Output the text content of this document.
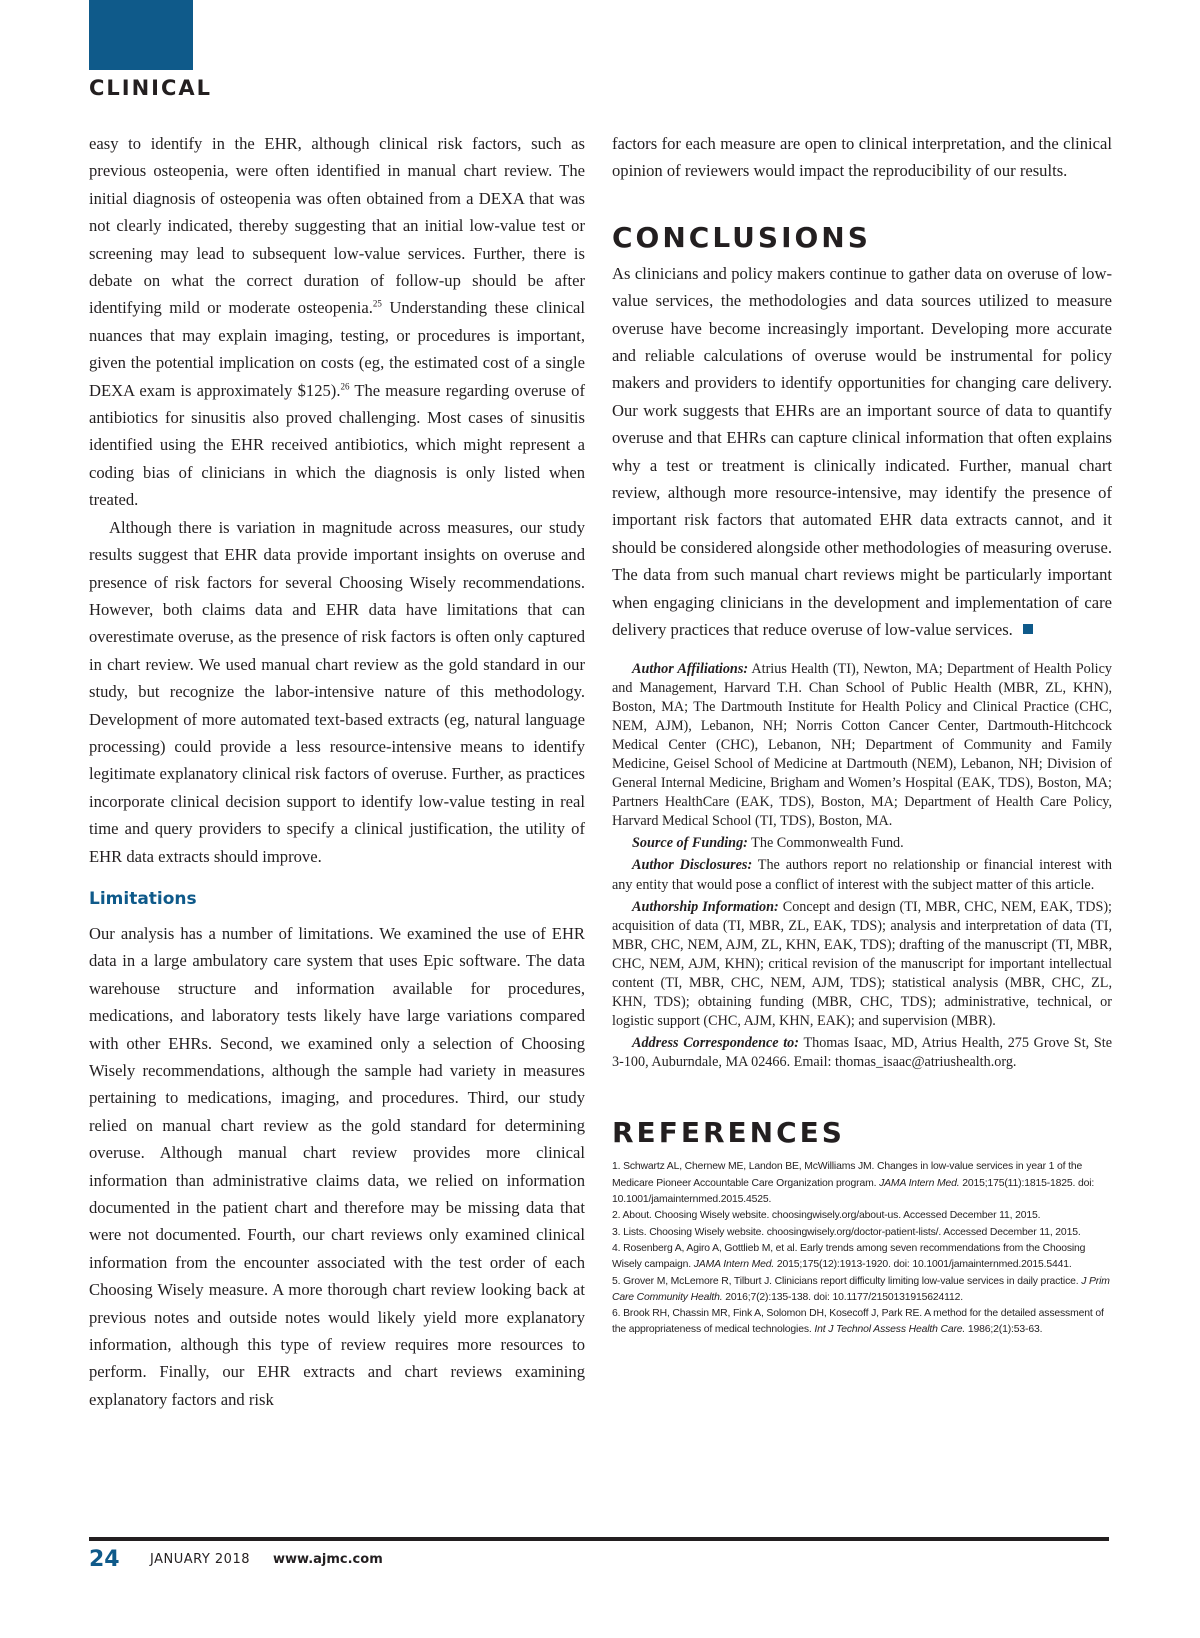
CLINICAL

easy to identify in the EHR, although clinical risk factors, such as previous osteopenia, were often identified in manual chart review. The initial diagnosis of osteopenia was often obtained from a DEXA that was not clearly indicated, thereby suggesting that an initial low-value test or screening may lead to subsequent low-value services. Further, there is debate on what the correct duration of follow-up should be after identifying mild or moderate osteopenia.$^{25}$ Understanding these clinical nuances that may explain imaging, testing, or procedures is important, given the potential implication on costs (eg, the estimated cost of a single DEXA exam is approximately $125).$^{26}$ The measure regarding overuse of antibiotics for sinusitis also proved challenging. Most cases of sinusitis identified using the EHR received antibiotics, which might represent a coding bias of clinicians in which the diagnosis is only listed when treated.

Although there is variation in magnitude across measures, our study results suggest that EHR data provide important insights on overuse and presence of risk factors for several Choosing Wisely recommendations. However, both claims data and EHR data have limitations that can overestimate overuse, as the presence of risk factors is often only captured in chart review. We used manual chart review as the gold standard in our study, but recognize the labor-intensive nature of this methodology. Development of more automated text-based extracts (eg, natural language processing) could provide a less resource-intensive means to identify legitimate explanatory clinical risk factors of overuse. Further, as practices incorporate clinical decision support to identify low-value testing in real time and query providers to specify a clinical justification, the utility of EHR data extracts should improve.

Limitations

Our analysis has a number of limitations. We examined the use of EHR data in a large ambulatory care system that uses Epic software. The data warehouse structure and information available for procedures, medications, and laboratory tests likely have large variations compared with other EHRs. Second, we examined only a selection of Choosing Wisely recommendations, although the sample had variety in measures pertaining to medications, imaging, and procedures. Third, our study relied on manual chart review as the gold standard for determining overuse. Although manual chart review provides more clinical information than administrative claims data, we relied on information documented in the patient chart and therefore may be missing data that were not documented. Fourth, our chart reviews only examined clinical information from the encounter associated with the test order of each Choosing Wisely measure. A more thorough chart review looking back at previous notes and outside notes would likely yield more explanatory information, although this type of review requires more resources to perform. Finally, our EHR extracts and chart reviews examining explanatory factors and risk

factors for each measure are open to clinical interpretation, and the clinical opinion of reviewers would impact the reproducibility of our results.

CONCLUSIONS

As clinicians and policy makers continue to gather data on overuse of low-value services, the methodologies and data sources utilized to measure overuse have become increasingly important. Developing more accurate and reliable calculations of overuse would be instrumental for policy makers and providers to identify opportunities for changing care delivery. Our work suggests that EHRs are an important source of data to quantify overuse and that EHRs can capture clinical information that often explains why a test or treatment is clinically indicated. Further, manual chart review, although more resource-intensive, may identify the presence of important risk factors that automated EHR data extracts cannot, and it should be considered alongside other methodologies of measuring overuse. The data from such manual chart reviews might be particularly important when engaging clinicians in the development and implementation of care delivery practices that reduce overuse of low-value services.

Author Affiliations: Atrius Health (TI), Newton, MA; Department of Health Policy and Management, Harvard T.H. Chan School of Public Health (MBR, ZL, KHN), Boston, MA; The Dartmouth Institute for Health Policy and Clinical Practice (CHC, NEM, AJM), Lebanon, NH; Norris Cotton Cancer Center, Dartmouth-Hitchcock Medical Center (CHC), Lebanon, NH; Department of Community and Family Medicine, Geisel School of Medicine at Dartmouth (NEM), Lebanon, NH; Division of General Internal Medicine, Brigham and Women’s Hospital (EAK, TDS), Boston, MA; Partners HealthCare (EAK, TDS), Boston, MA; Department of Health Care Policy, Harvard Medical School (TI, TDS), Boston, MA.

Source of Funding: The Commonwealth Fund.

Author Disclosures: The authors report no relationship or financial interest with any entity that would pose a conflict of interest with the subject matter of this article.

Authorship Information: Concept and design (TI, MBR, CHC, NEM, EAK, TDS); acquisition of data (TI, MBR, ZL, EAK, TDS); analysis and interpretation of data (TI, MBR, CHC, NEM, AJM, ZL, KHN, EAK, TDS); drafting of the manuscript (TI, MBR, CHC, NEM, AJM, KHN); critical revision of the manuscript for important intellectual content (TI, MBR, CHC, NEM, AJM, TDS); statistical analysis (MBR, CHC, ZL, KHN, TDS); obtaining funding (MBR, CHC, TDS); administrative, technical, or logistic support (CHC, AJM, KHN, EAK); and supervision (MBR).

Address Correspondence to: Thomas Isaac, MD, Atrius Health, 275 Grove St, Ste 3-100, Auburndale, MA 02466. Email: thomas_isaac@atriushealth.org.

REFERENCES

1. Schwartz AL, Chernew ME, Landon BE, McWilliams JM. Changes in low-value services in year 1 of the Medicare Pioneer Accountable Care Organization program. JAMA Intern Med. 2015;175(11):1815-1825. doi: 10.1001/jamainternmed.2015.4525.

2. About. Choosing Wisely website. choosingwisely.org/about-us. Accessed December 11, 2015.

3. Lists. Choosing Wisely website. choosingwisely.org/doctor-patient-lists/. Accessed December 11, 2015.

4. Rosenberg A, Agiro A, Gottlieb M, et al. Early trends among seven recommendations from the Choosing Wisely campaign. JAMA Intern Med. 2015;175(12):1913-1920. doi: 10.1001/jamainternmed.2015.5441.

5. Grover M, McLemore R, Tilburt J. Clinicians report difficulty limiting low-value services in daily practice. J Prim Care Community Health. 2016;7(2):135-138. doi: 10.1177/2150131915624112.

6. Brook RH, Chassin MR, Fink A, Solomon DH, Kosecoff J, Park RE. A method for the detailed assessment of the appropriateness of medical technologies. Int J Technol Assess Health Care. 1986;2(1):53-63.

24 JANUARY 2018 www.ajmc.com
